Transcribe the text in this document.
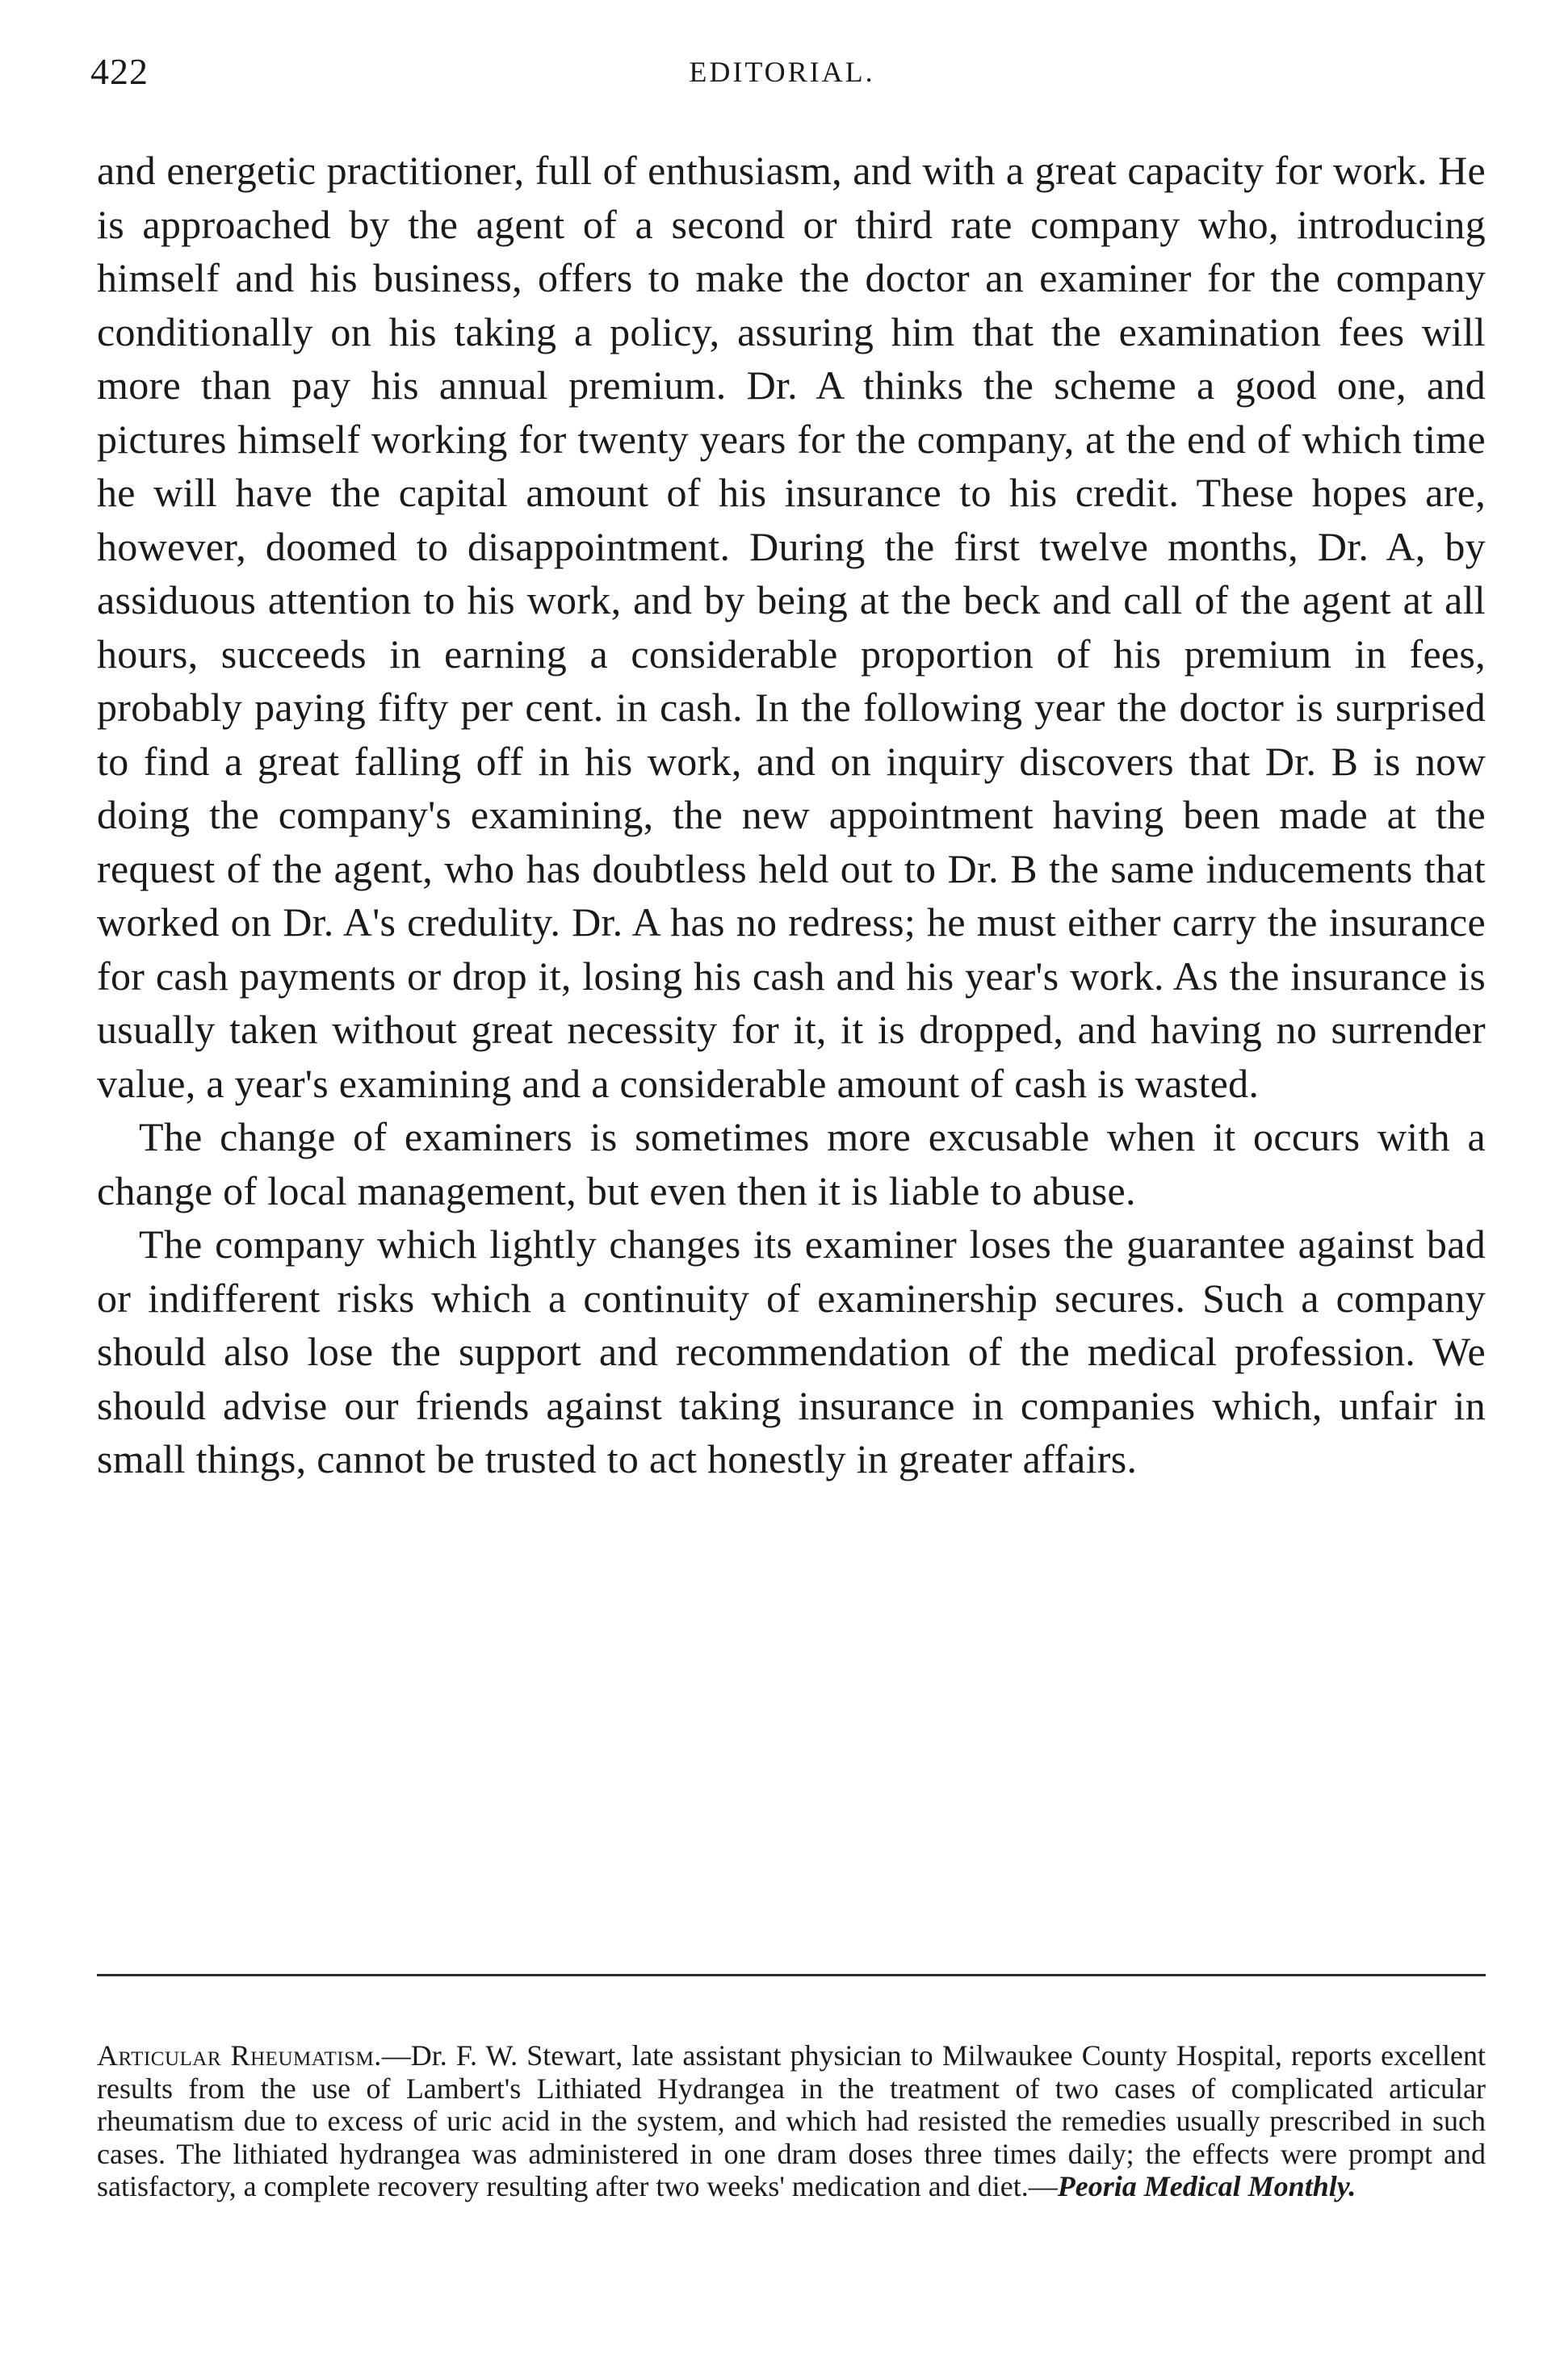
422	EDITORIAL.

and energetic practitioner, full of enthusiasm, and with a great capacity for work. He is approached by the agent of a second or third rate company who, introducing himself and his business, offers to make the doctor an examiner for the company conditionally on his taking a policy, assuring him that the examination fees will more than pay his annual premium. Dr. A thinks the scheme a good one, and pictures himself working for twenty years for the company, at the end of which time he will have the capital amount of his insurance to his credit. These hopes are, however, doomed to disappointment. During the first twelve months, Dr. A, by assiduous attention to his work, and by being at the beck and call of the agent at all hours, succeeds in earning a considerable proportion of his premium in fees, probably paying fifty per cent. in cash. In the following year the doctor is surprised to find a great falling off in his work, and on inquiry discovers that Dr. B is now doing the company's examining, the new appointment having been made at the request of the agent, who has doubtless held out to Dr. B the same inducements that worked on Dr. A's credulity. Dr. A has no redress; he must either carry the insurance for cash payments or drop it, losing his cash and his year's work. As the insurance is usually taken without great necessity for it, it is dropped, and having no surrender value, a year's examining and a considerable amount of cash is wasted.

The change of examiners is sometimes more excusable when it occurs with a change of local management, but even then it is liable to abuse.

The company which lightly changes its examiner loses the guarantee against bad or indifferent risks which a continuity of examinership secures. Such a company should also lose the support and recommendation of the medical profession. We should advise our friends against taking insurance in companies which, unfair in small things, cannot be trusted to act honestly in greater affairs.

Articular Rheumatism.—Dr. F. W. Stewart, late assistant physician to Milwaukee County Hospital, reports excellent results from the use of Lambert's Lithiated Hydrangea in the treatment of two cases of complicated articular rheumatism due to excess of uric acid in the system, and which had resisted the remedies usually prescribed in such cases. The lithiated hydrangea was administered in one dram doses three times daily; the effects were prompt and satisfactory, a complete recovery resulting after two weeks' medication and diet.—Peoria Medical Monthly.
